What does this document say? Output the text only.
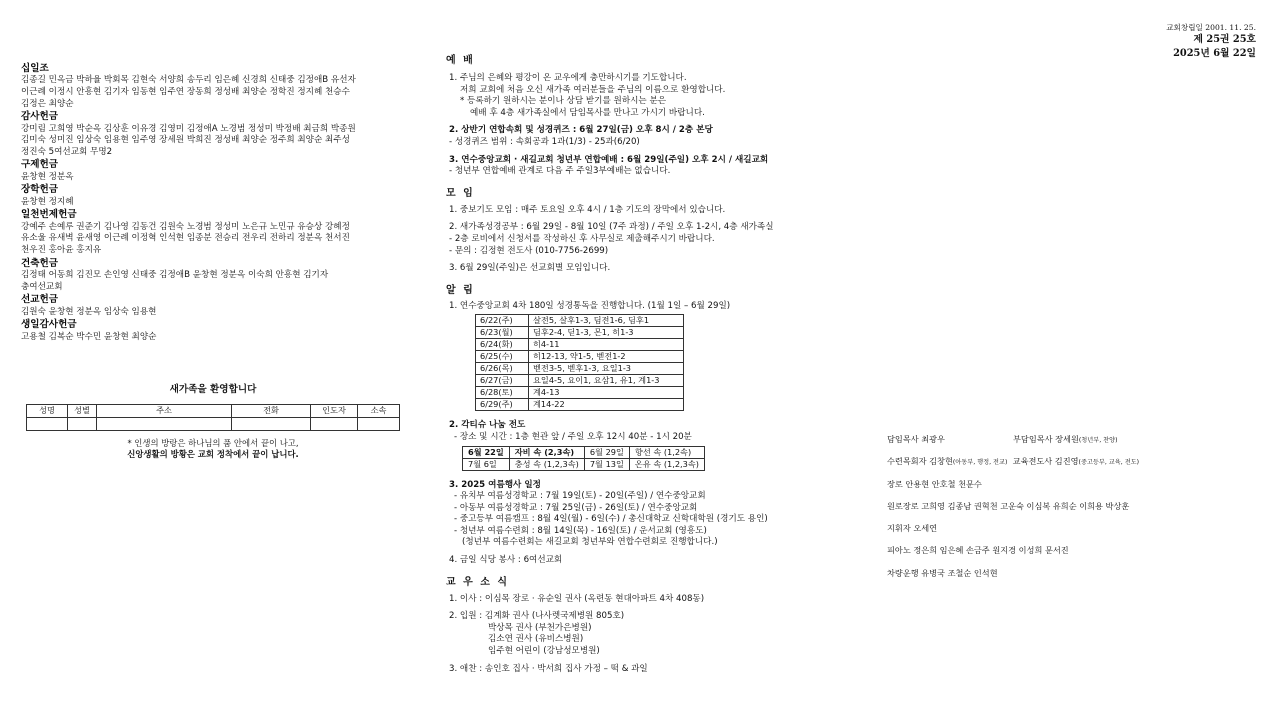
교회창립일 2001. 11. 25.
제 25권 25호
2025년 6월 22일
십일조
김종길 민옥금 박하율 박회목 김현숙 서양희 송두리 임은혜 신경희 신태중 김정애B 유선자
이근례 이정시 안흥현 김기자 임동현 임주연 장동희 정성배 최양순 정학진 정지혜 천승수
김정은 최양순
감사헌금
강미림 고희영 박순옥 김상훈 이유경 김영미 김정애A 노경범 정성미 박정배 최금희 박종원
김미숙 성미진 임상숙 임용현 임주영 장세원 박희진 정성배 최양순 정주희 최양순 최주성
정진숙 5여선교회 무명2
구제헌금
윤창현 정분옥
장학헌금
윤창현 정지혜
일천번제헌금
강예주 손예루 권준기 김나영 김동건 김원숙 노경범 정성미 노은규 노민규 유승상 강혜정
유소울 유새벽 윤새영 이근례 이정혁 인석현 임종분 전승리 전우리 전하리 정분옥 천서진
천우진 홍아윤 홍지유
건축헌금
김정태 어동희 김진모 손인영 신태중 김정애B 윤창현 정분옥 이숙희 안흥현 김기자
충여선교회
선교헌금
김원숙 윤창현 정분옥 임상숙 임용현
생일감사헌금
고용철 김복순 박수민 윤창현 최양순
새가족을 환영합니다
성명	성별	주소	전화	인도자	소속

* 인생의 방랑은 하나님의 품 안에서 끝이 나고,
신앙생활의 방황은 교회 정착에서 끝이 납니다.
예 배
1. 주님의 은혜와 평강이 온 교우에게 충만하시기를 기도합니다.
저희 교회에 처음 오신 새가족 여러분들을 주님의 이름으로 환영합니다.
* 등록하기 원하시는 분이나 상담 받기를 원하시는 분은
예배 후 4층 새가족실에서 담임목사를 만나고 가시기 바랍니다.
2. 상반기 연합속회 및 성경퀴즈 : 6월 27일(금) 오후 8시 / 2층 본당
- 성경퀴즈 범위 : 속회공과 1과(1/3) - 25과(6/20)
3. 연수중앙교회 · 새길교회 청년부 연합예배 : 6월 29일(주일) 오후 2시 / 새길교회
- 청년부 연합예배 관계로 다음 주 주일3부예배는 없습니다.
모 임
1. 중보기도 모임 : 매주 토요일 오후 4시 / 1층 기도의 장막에서 있습니다.
2. 새가족성경공부 : 6월 29일 - 8월 10일 (7주 과정) / 주일 오후 1-2시, 4층 새가족실
- 2층 로비에서 신청서를 작성하신 후 사무실로 제출해주시기 바랍니다.
- 문의 : 김정현 전도사 (010-7756-2699)
3. 6월 29일(주일)은 선교회별 모임입니다.
알 림
1. 연수중앙교회 4차 180일 성경통독을 진행합니다. (1월 1일 – 6월 29일)
6/22(주)	살전5, 살후1-3, 딤전1-6, 딤후1
6/23(월)	딤후2-4, 딛1-3, 몬1, 히1-3
6/24(화)	히4-11
6/25(수)	히12-13, 약1-5, 벧전1-2
6/26(목)	벧전3-5, 벧후1-3, 요일1-3
6/27(금)	요일4-5, 요이1, 요삼1, 유1, 계1-3
6/28(토)	계4-13
6/29(주)	계14-22
2. 각티슈 나눔 전도
- 장소 및 시간 : 1층 현관 앞 / 주일 오후 12시 40분 - 1시 20분
6월 22일	자비 속 (2,3속)	6월 29일	향선 속 (1,2속)
7월 6일	충성 속 (1,2,3속)	7월 13일	온유 속 (1,2,3속)
3. 2025 여름행사 일정
- 유치부 여름성경학교 : 7월 19일(토) - 20일(주일) / 연수중앙교회
- 아동부 여름성경학교 : 7월 25일(금) - 26일(토) / 연수중앙교회
- 중고등부 여름캠프 : 8월 4일(월) - 6일(수) / 총신대학교 신학대학원 (경기도 용인)
- 청년부 여름수련회 : 8월 14일(목) - 16일(토) / 운서교회 (영흥도)
(청년부 여름수련회는 새길교회 청년부와 연합수련회로 진행합니다.)
4. 금일 식당 봉사 : 6여선교회
교 우 소 식
1. 이사 : 이심목 장로 · 유순일 권사 (옥련동 현대아파트 4차 408동)
2. 입원 : 김계화 권사 (나사렛국제병원 805호)
박상목 권사 (부천가은병원)
김소연 권사 (유비스병원)
임주현 어린이 (강남성모병원)
3. 애찬 : 송인호 집사 · 박서희 집사 가정 – 떡 & 과일
담임목사 최광우	부담임목사 장세원(청년부, 찬양)
수련목회자 김창현(아동부, 행정, 전교) 교육전도사 김진영(중고등부, 교육, 전도)
장로 안용현 안호철 천문수
원로장로 고희영 김종남 권혁천 고운숙 이심복 유희순 이희용 박상훈
지휘자 오세연
피아노 정은희 임은혜 손금주 원지경 이성희 문서진
차량운행 유병국 조철순 인석현
